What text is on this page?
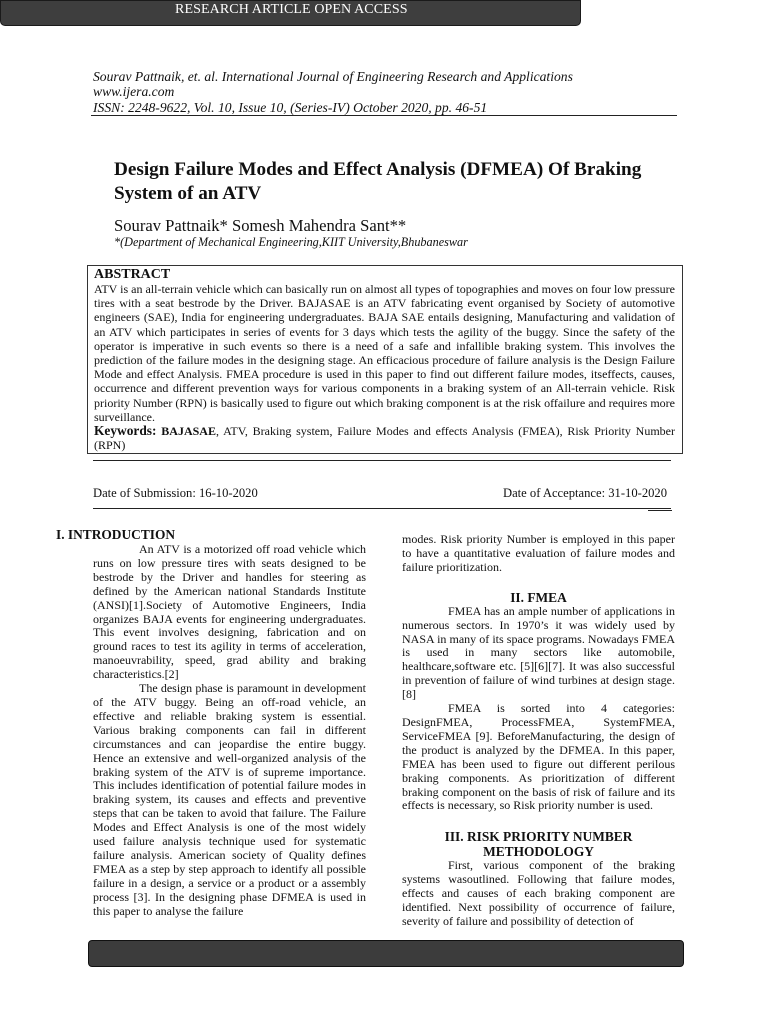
RESEARCH ARTICLE OPEN ACCESS
Sourav Pattnaik, et. al. International Journal of Engineering Research and Applications
www.ijera.com
ISSN: 2248-9622, Vol. 10, Issue 10, (Series-IV) October 2020, pp. 46-51
Design Failure Modes and Effect Analysis (DFMEA) Of Braking System of an ATV
Sourav Pattnaik* Somesh Mahendra Sant**
*(Department of Mechanical Engineering,KIIT University,Bhubaneswar
ABSTRACT
ATV is an all-terrain vehicle which can basically run on almost all types of topographies and moves on four low pressure tires with a seat bestrode by the Driver. BAJASAE is an ATV fabricating event organised by Society of automotive engineers (SAE), India for engineering undergraduates. BAJA SAE entails designing, Manufacturing and validation of an ATV which participates in series of events for 3 days which tests the agility of the buggy. Since the safety of the operator is imperative in such events so there is a need of a safe and infallible braking system. This involves the prediction of the failure modes in the designing stage. An efficacious procedure of failure analysis is the Design Failure Mode and effect Analysis. FMEA procedure is used in this paper to find out different failure modes, itseffects, causes, occurrence and different prevention ways for various components in a braking system of an All-terrain vehicle. Risk priority Number (RPN) is basically used to figure out which braking component is at the risk offailure and requires more surveillance.
Keywords: BAJASAE, ATV, Braking system, Failure Modes and effects Analysis (FMEA), Risk Priority Number (RPN)
Date of Submission: 16-10-2020	Date of Acceptance: 31-10-2020
I. INTRODUCTION

An ATV is a motorized off road vehicle which runs on low pressure tires with seats designed to be bestrode by the Driver and handles for steering as defined by the American national Standards Institute (ANSI)[1].Society of Automotive Engineers, India organizes BAJA events for engineering undergraduates. This event involves designing, fabrication and on ground races to test its agility in terms of acceleration, manoeuvrability, speed, grad ability and braking characteristics.[2]

The design phase is paramount in development of the ATV buggy. Being an off-road vehicle, an effective and reliable braking system is essential. Various braking components can fail in different circumstances and can jeopardise the entire buggy. Hence an extensive and well-organized analysis of the braking system of the ATV is of supreme importance. This includes identification of potential failure modes in braking system, its causes and effects and preventive steps that can be taken to avoid that failure. The Failure Modes and Effect Analysis is one of the most widely used failure analysis technique used for systematic failure analysis. American society of Quality defines FMEA as a step by step approach to identify all possible failure in a design, a service or a product or a assembly process [3]. In the designing phase DFMEA is used in this paper to analyse the failure

modes. Risk priority Number is employed in this paper to have a quantitative evaluation of failure modes and failure prioritization.

II. FMEA

FMEA has an ample number of applications in numerous sectors. In 1970’s it was widely used by NASA in many of its space programs. Nowadays FMEA is used in many sectors like automobile, healthcare,software etc. [5][6][7]. It was also successful in prevention of failure of wind turbines at design stage.[8]

FMEA is sorted into 4 categories: DesignFMEA, ProcessFMEA, SystemFMEA, ServiceFMEA [9]. BeforeManufacturing, the design of the product is analyzed by the DFMEA. In this paper, FMEA has been used to figure out different perilous braking components. As prioritization of different braking component on the basis of risk of failure and its effects is necessary, so Risk priority number is used.

III. RISK PRIORITY NUMBER
METHODOLOGY

First, various component of the braking systems wasoutlined. Following that failure modes, effects and causes of each braking component are identified. Next possibility of occurrence of failure, severity of failure and possibility of detection of
